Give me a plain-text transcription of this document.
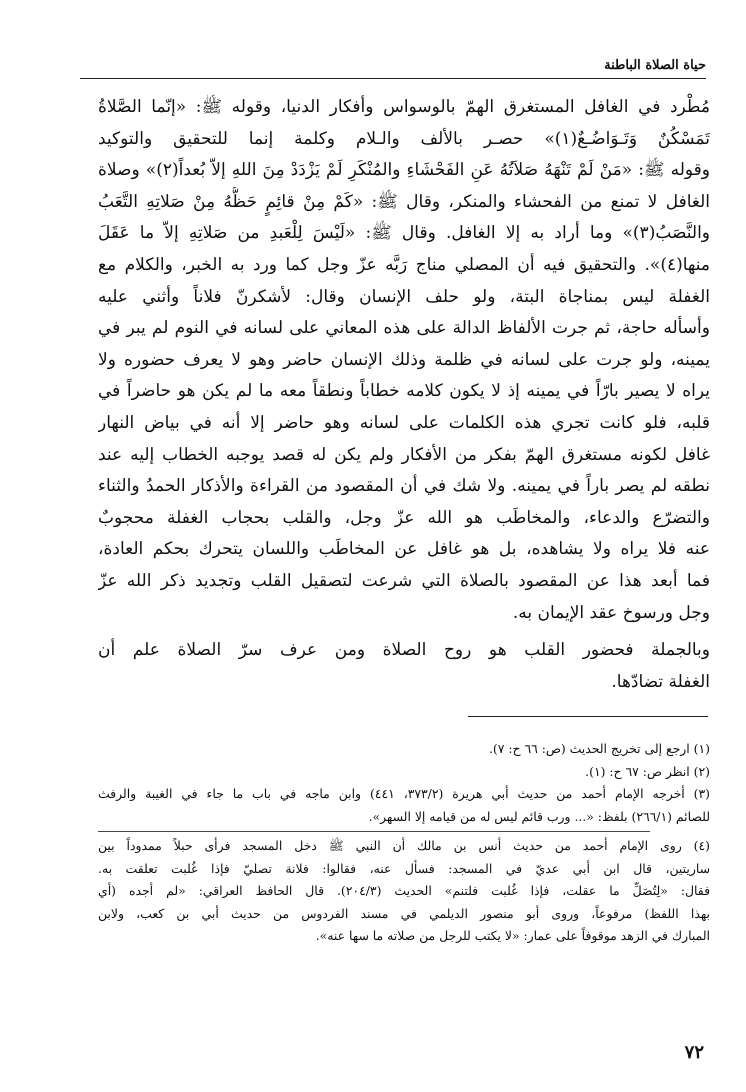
حياة الصلاة الباطنة
مُطْرد في الغافل المستغرق الهمّ بالوسواس وأفكار الدنيا، وقوله ﷺ: «إنّما الصَّلاةُ
تَمَسْكُنٌ وَتَـوَاضُـعٌ(١)» حصـر بالألف والـلام وكلمة إنما للتحقيق والتوكيد
وقوله ﷺ: «مَنْ لَمْ تَنْهَهُ صَلاَتُهُ عَنِ الفَحْشَاءِ والمُنْكَرِ لَمْ يَزْدَدْ مِنَ اللهِ إلاّ بُعداً(٢)» وصلاة
الغافل لا تمنع من الفحشاء والمنكر، وقال ﷺ: «كَمْ مِنْ قائِمٍ حَظُّهُ مِنْ صَلاتِهِ التَّعَبُ
والنَّصَبُ(٣)» وما أراد به إلا الغافل. وقال ﷺ: «لَيْسَ لِلْعَبدِ من صَلاتِهِ إلاّ ما عَقَلَ
منها(٤)». والتحقيق فيه أن المصلي مناج رَبَّه عزّ وجل كما ورد به الخبر، والكلام مع
الغفلة ليس بمناجاة البتة، ولو حلف الإنسان وقال: لأشكرنّ فلاناً وأثني عليه
وأسأله حاجة، ثم جرت الألفاظ الدالة على هذه المعاني على لسانه في النوم لم يبر في
يمينه، ولو جرت على لسانه في ظلمة وذلك الإنسان حاضر وهو لا يعرف حضوره ولا
يراه لا يصير بارّاً في يمينه إذ لا يكون كلامه خطاباً ونطقاً معه ما لم يكن هو حاضراً في
قلبه، فلو كانت تجري هذه الكلمات على لسانه وهو حاضر إلا أنه في بياض النهار
غافل لكونه مستغرق الهمّ بفكر من الأفكار ولم يكن له قصد يوجبه الخطاب إليه عند
نطقه لم يصر باراً في يمينه. ولا شك في أن المقصود من القراءة والأذكار الحمدُ والثناء
والتضرّع والدعاء، والمخاطَب هو الله عزّ وجل، والقلب بحجاب الغفلة محجوبٌ
عنه فلا يراه ولا يشاهده، بل هو غافل عن المخاطَب واللسان يتحرك بحكم العادة،
فما أبعد هذا عن المقصود بالصلاة التي شرعت لتصقيل القلب وتجديد ذكر الله عزّ
وجل ورسوخ عقد الإيمان به.
وبالجملة فحضور القلب هو روح الصلاة ومن عرف سرّ الصلاة علم أن
الغفلة تضادّها.
(١) ارجع إلى تخريج الحديث (ص: ٦٦ ح: ٧).
(٢) انظر ص: ٦٧ ح: (١).
(٣) أخرجه الإمام أحمد من حديث أبي هريرة (٣٧٣/٢، ٤٤١) وابن ماجه في باب ما جاء في الغيبة والرفث
للصائم (٢٦٦/١) بلفظ: «... ورب قائم ليس له من قيامه إلا السهر».
(٤) روى الإمام أحمد من حديث أنس بن مالك أن النبي ﷺ دخل المسجد فرأى حبلاً ممدوداً بين
ساريتين، قال ابن أبي عديّ في المسجد: فسأل عنه، فقالوا: فلانة تصليّ فإذا غُلبت تعلقت به.
فقال: «لِتُصَلِّ ما عقلت، فإذا غُلبت فلتنم» الحديث (٢٠٤/٣). قال الحافظ العراقي: «لم أجده (أي
بهذا اللفظ) مرفوعاً، وروى أبو منصور الديلمي في مسند الفردوس من حديث أبي بن كعب، ولابن
المبارك في الزهد موقوفاً على عمار: «لا يكتب للرجل من صلاته ما سها عنه».
٧٢
